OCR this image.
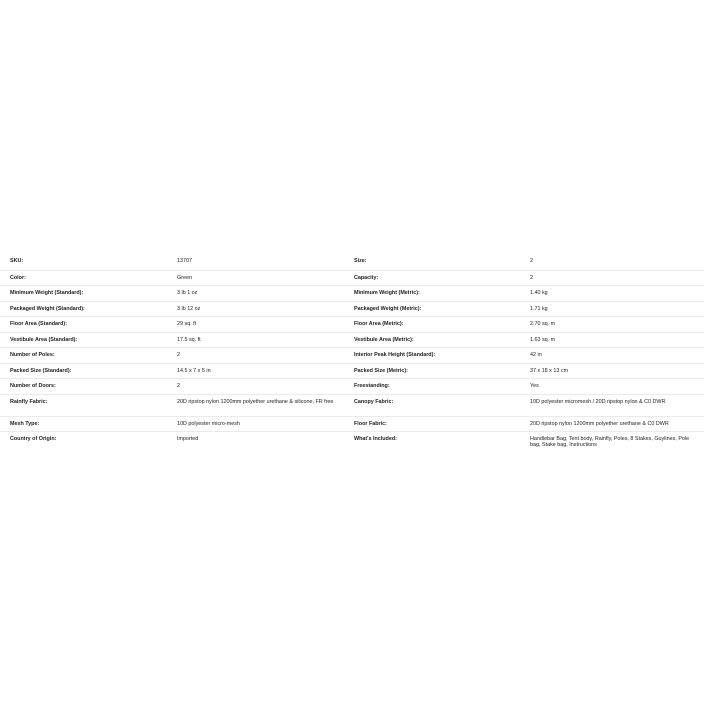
SKU:	13707	Size:	2
Color:	Green	Capacity:	2
Minimum Weight (Standard):	3 lb 1 oz	Minimum Weight (Metric):	1.40 kg
Packaged Weight (Standard):	3 lb 12 oz	Packaged Weight (Metric):	1.71 kg
Floor Area (Standard):	29 sq. ft	Floor Area (Metric):	2.70 sq. m
Vestibule Area (Standard):	17.5 sq. ft	Vestibule Area (Metric):	1.63 sq. m
Number of Poles:	2	Interior Peak Height (Standard):	42 in
Packed Size (Standard):	14.5 x 7 x 5 in	Packed Size (Metric):	37 x 18 x 13 cm
Number of Doors:	2	Freestanding:	Yes
Rainfly Fabric:	20D ripstop nylon 1200mm polyether urethane & silicone, FR free	Canopy Fabric:	10D polyester micromesh / 20D ripstop nylon & C0 DWR
Mesh Type:	10D polyester micro-mesh	Floor Fabric:	20D ripstop nylon 1200mm polyether urethane & C0 DWR
Country of Origin:	Imported	What's Included:	Handlebar Bag, Tent body, Rainfly, Poles, 8 Stakes, Guylines, Pole bag, Stake bag, Instructions
